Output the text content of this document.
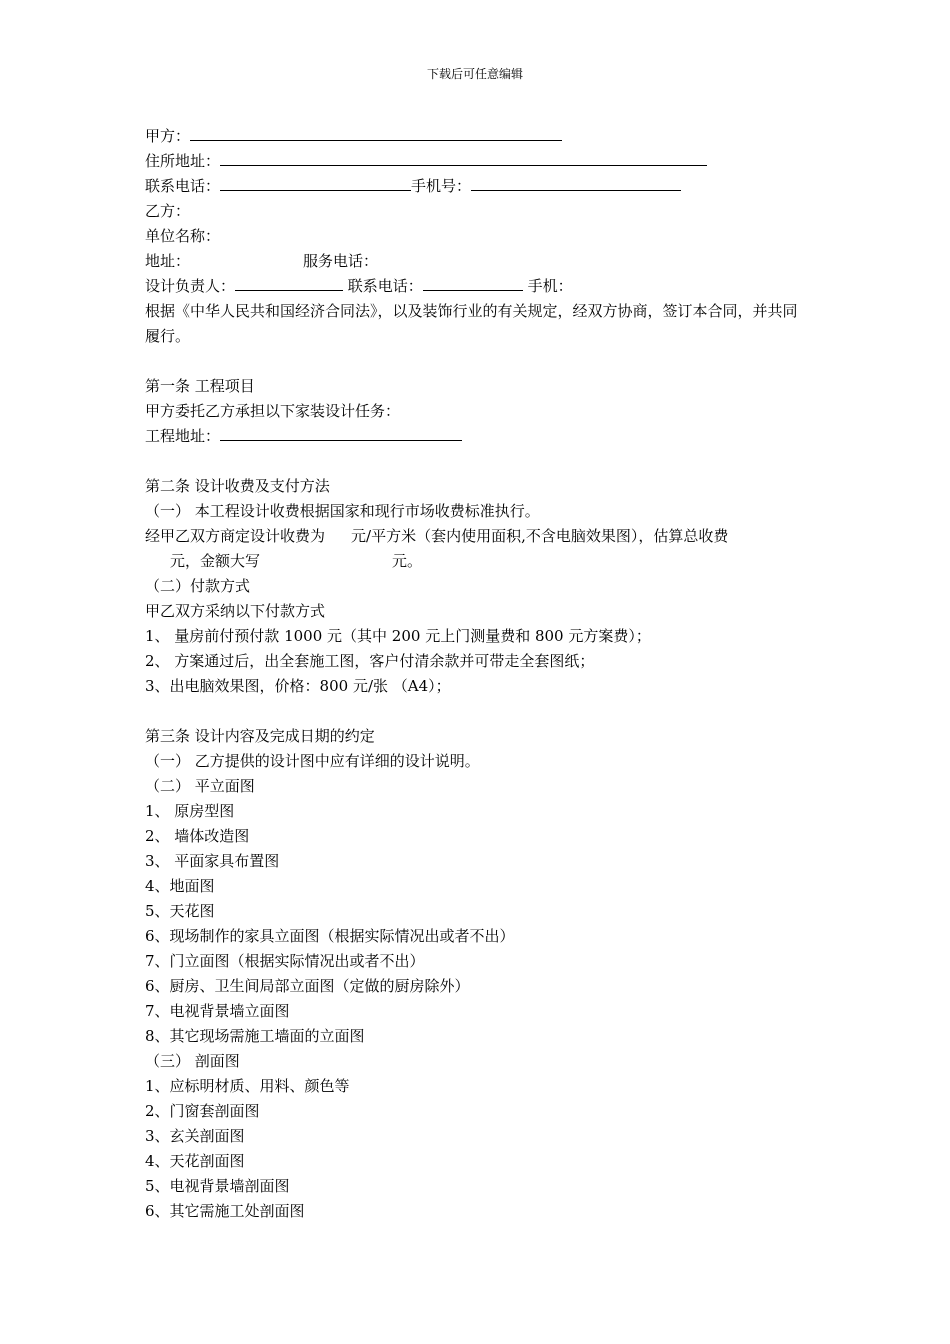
下载后可任意编辑
甲方：
住所地址：
联系电话：	手机号：
乙方：
单位名称：
地址：	服务电话：
设计负责人：	联系电话：	手机：
根据《中华人民共和国经济合同法》，以及装饰行业的有关规定，经双方协商，签订本合同，并共同履行。
第一条 工程项目
甲方委托乙方承担以下家装设计任务：
工程地址：
第二条 设计收费及支付方法
（一） 本工程设计收费根据国家和现行市场收费标准执行。
经甲乙双方商定设计收费为 元/平方米（套内使用面积,不含电脑效果图），估算总收费
元，金额大写	元。
（二）付款方式
甲乙双方采纳以下付款方式
1、 量房前付预付款 1000 元（其中 200 元上门测量费和 800 元方案费）；
2、 方案通过后，出全套施工图，客户付清余款并可带走全套图纸；
3、出电脑效果图，价格：800 元/张 （A4）；
第三条 设计内容及完成日期的约定
（一） 乙方提供的设计图中应有详细的设计说明。
（二） 平立面图
1、 原房型图
2、 墙体改造图
3、 平面家具布置图
4、地面图
5、天花图
6、现场制作的家具立面图（根据实际情况出或者不出）
7、门立面图（根据实际情况出或者不出）
6、厨房、卫生间局部立面图（定做的厨房除外）
7、电视背景墙立面图
8、其它现场需施工墙面的立面图
（三） 剖面图
1、应标明材质、用料、颜色等
2、门窗套剖面图
3、玄关剖面图
4、天花剖面图
5、电视背景墙剖面图
6、其它需施工处剖面图
